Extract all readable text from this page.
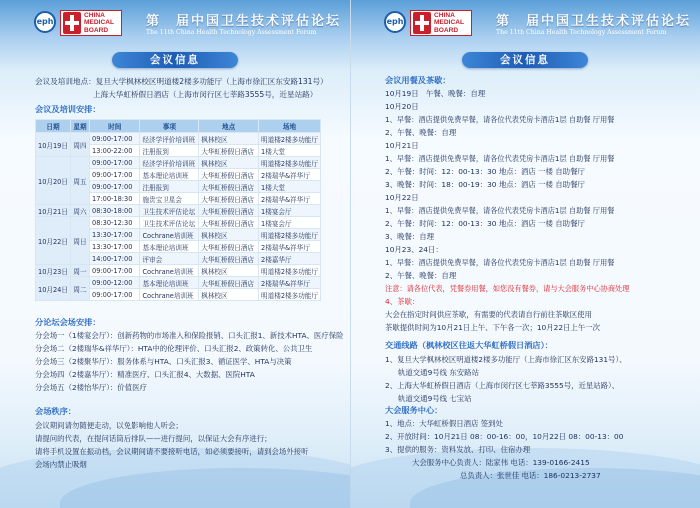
eph
CHINA
MEDICAL
BOARD
第　届中国卫生技术评估论坛
The 11th China Health Technology Assessment Forum
会议信息
会议及培训地点：复旦大学枫林校区明道楼2楼多功能厅（上海市徐汇区东安路131号）
上海大华虹桥假日酒店（上海市闵行区七莘路3555号，近星站路）
会议及培训安排：
日期	星期	时间	事项	地点	场地
10月19日	周四	09:00-17:00	经济学评价培训班	枫林校区	明道楼2楼多功能厅
		13:00-22:00	注册报到	大华虹桥假日酒店	1楼大堂
10月20日	周五	09:00-17:00	经济学评价培训班	枫林校区	明道楼2楼多功能厅
		09:00-17:00	基本理论培训班	大华虹桥假日酒店	2楼瑞华&祥华厅
		09:00-17:00	注册报到	大华虹桥假日酒店	1楼大堂
		17:00-18:30	施贵宝卫星会	大华虹桥假日酒店	2楼瑞华&祥华厅
10月21日	周六	08:30-18:00	卫生技术评估论坛	大华虹桥假日酒店	1楼宴会厅
10月22日	周日	08:30-12:30	卫生技术评估论坛	大华虹桥假日酒店	1楼宴会厅
		13:30-17:00	Cochrane培训班	枫林校区	明道楼2楼多功能厅
		13:30-17:00	基本理论培训班	大华虹桥假日酒店	2楼瑞华&祥华厅
		14:00-17:00	评审会	大华虹桥假日酒店	2楼嘉华厅
10月23日	周一	09:00-17:00	Cochrane培训班	枫林校区	明道楼2楼多功能厅
10月24日	周二	09:00-12:00	基本理论培训班	大华虹桥假日酒店	2楼瑞华&祥华厅
		09:00-17:00	Cochrane培训班	枫林校区	明道楼2楼多功能厅
分论坛会场安排：
分会场一（1楼宴会厅）：创新药物的市场准入和保险报销、口头汇报1、新技术HTA、医疗保险
分会场二（2楼瑞华&祥华厅）：HTA中的伦理评价、口头汇报2、政策转化、公共卫生
分会场三（2楼聚华厅）：服务体系与HTA、口头汇报3、循证医学、HTA与决策
分会场四（2楼嘉华厅）：精准医疗、口头汇报4、大数据、医院HTA
分会场五（2楼怡华厅）：价值医疗
会场秩序：
会议期间请勿随便走动，以免影响他人听会；
请提问的代表，在提问话筒后排队——进行提问，以保证大会有序进行；
请将手机设置在振动档，会议期间请不要接听电话，如必须要接听，请到会场外接听
会场内禁止吸烟
eph
CHINA
MEDICAL
BOARD
第　届中国卫生技术评估论坛
The 11th China Health Technology Assessment Forum
会议信息
会议用餐及茶歇：
10月19日　午餐、晚餐：自理
10月20日
1、早餐：酒店提供免费早餐，请各位代表凭房卡酒店1层 自助餐 厅用餐
2、午餐、晚餐：自理
10月21日
1、早餐：酒店提供免费早餐，请各位代表凭房卡酒店1层 自助餐 厅用餐
2、午餐：时间：12：00-13：30 地点：酒店 一楼 自助餐厅
3、晚餐：时间：18：00-19：30 地点：酒店 一楼 自助餐厅
10月22日
1、早餐：酒店提供免费早餐，请各位代表凭房卡酒店1层 自助餐 厅用餐
2、午餐：时间：12：00-13：30 地点：酒店 一楼 自助餐厅
3、晚餐：自理
10月23、24日：
1、早餐：酒店提供免费早餐，请各位代表凭房卡酒店1层 自助餐 厅用餐
2、午餐、晚餐：自理
注意：请各位代表，凭餐券用餐，如您没有餐券，请与大会服务中心协商处理
4、茶歇：
大会在指定时间供应茶歇，有需要的代表请自行前往茶歇区使用
茶歇提供时间为10月21日上午、下午各一次；10月22日上午一次
交通线路（枫林校区往返大华虹桥假日酒店）：
1、复旦大学枫林校区明道楼2楼多功能厅（上海市徐汇区东安路131号）、
轨道交通9号线 东安路站
2、上海大华虹桥假日酒店（上海市闵行区七莘路3555号，近星站路）、
轨道交通9号线 七宝站
大会服务中心：
1、地点：大华虹桥假日酒店 签到处
2、开放时间：10月21日 08：00-16：00，10月22日 08：00-13：00
3、提供的服务：资料发放、打印、住宿办理
大会服务中心负责人：陆家伟 电话：139-0166-2415
总负责人：张世佳 电话：186-0213-2737
